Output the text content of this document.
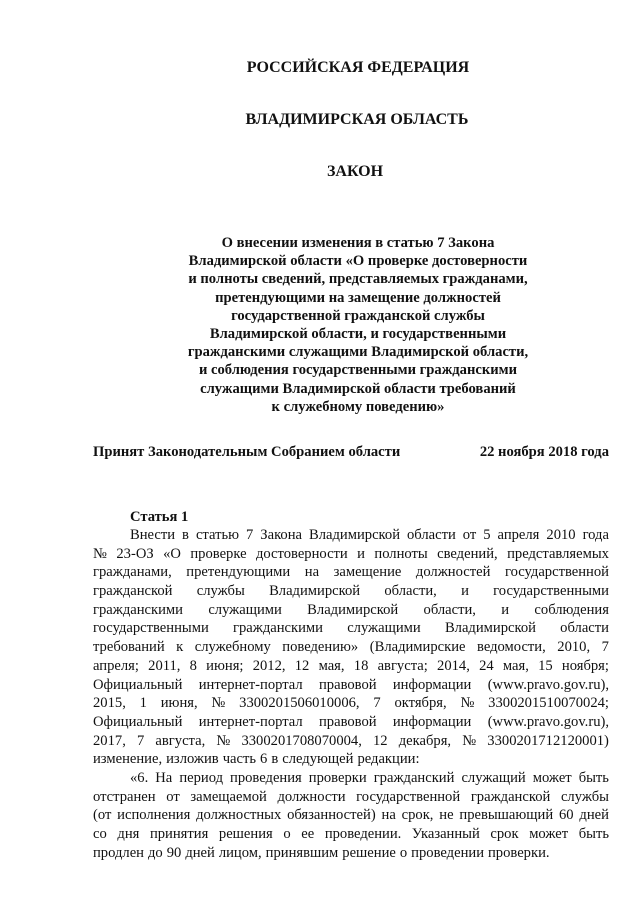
РОССИЙСКАЯ ФЕДЕРАЦИЯ
ВЛАДИМИРСКАЯ ОБЛАСТЬ
ЗАКОН
О внесении изменения в статью 7 Закона
Владимирской области «О проверке достоверности
и полноты сведений, представляемых гражданами,
претендующими на замещение должностей
государственной гражданской службы
Владимирской области, и государственными
гражданскими служащими Владимирской области,
и соблюдения государственными гражданскими
служащими Владимирской области требований
к служебному поведению»
Принят Законодательным Собранием области	22 ноября 2018 года
Статья 1
Внести в статью 7 Закона Владимирской области от 5 апреля 2010 года
№ 23-ОЗ «О проверке достоверности и полноты сведений, представляемых
гражданами, претендующими на замещение должностей государственной
гражданской службы Владимирской области, и государственными
гражданскими служащими Владимирской области, и соблюдения
государственными гражданскими служащими Владимирской области
требований к служебному поведению» (Владимирские ведомости, 2010, 7
апреля; 2011, 8 июня; 2012, 12 мая, 18 августа; 2014, 24 мая, 15 ноября;
Официальный интернет-портал правовой информации (www.pravo.gov.ru),
2015, 1 июня, № 3300201506010006, 7 октября, № 3300201510070024;
Официальный интернет-портал правовой информации (www.pravo.gov.ru),
2017, 7 августа, № 3300201708070004, 12 декабря, № 3300201712120001)
изменение, изложив часть 6 в следующей редакции:
«6. На период проведения проверки гражданский служащий может быть
отстранен от замещаемой должности государственной гражданской службы
(от исполнения должностных обязанностей) на срок, не превышающий 60 дней
со дня принятия решения о ее проведении. Указанный срок может быть
продлен до 90 дней лицом, принявшим решение о проведении проверки.
